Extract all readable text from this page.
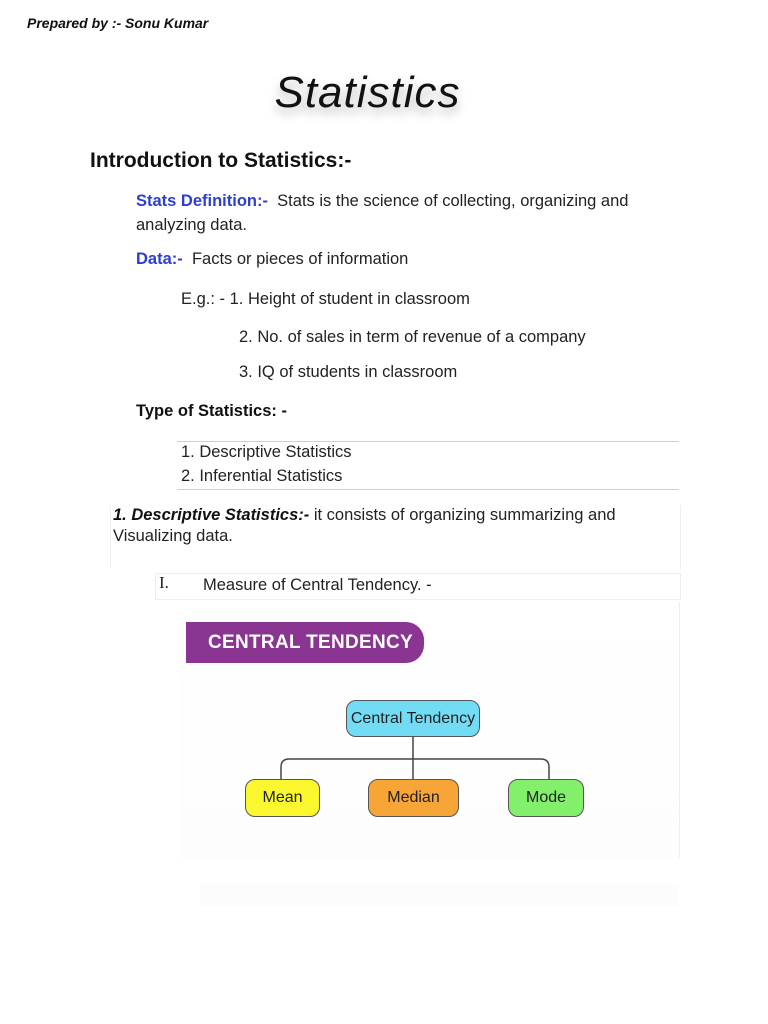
Prepared by :- Sonu Kumar
Statistics
Introduction to Statistics:-
Stats Definition:- Stats is the science of collecting, organizing and analyzing data.
Data:- Facts or pieces of information
E.g.: - 1. Height of student in classroom
2. No. of sales in term of revenue of a company
3. IQ of students in classroom
Type of Statistics: -
1. Descriptive Statistics
2. Inferential Statistics
1. Descriptive Statistics:- it consists of organizing summarizing and Visualizing data.
I. Measure of Central Tendency. -
CENTRAL TENDENCY
Central Tendency
Mean	Median	Mode
